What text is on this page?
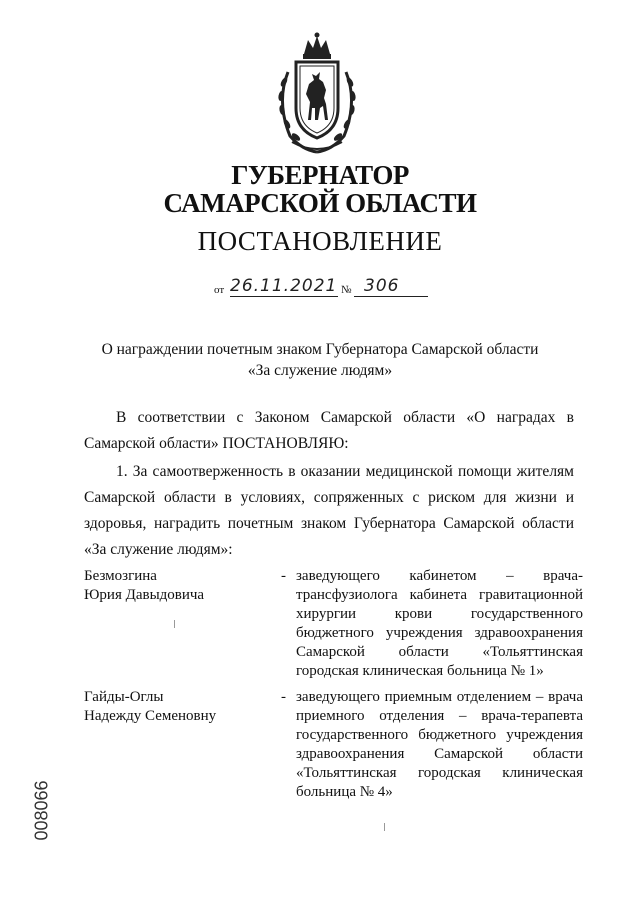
ГУБЕРНАТОР
САМАРСКОЙ ОБЛАСТИ
ПОСТАНОВЛЕНИЕ
от 26.11.2021 № 306
О награждении почетным знаком Губернатора Самарской области
«За служение людям»
В соответствии с Законом Самарской области «О наградах в Самарской области» ПОСТАНОВЛЯЮ:
1. За самоотверженность в оказании медицинской помощи жителям Самарской области в условиях, сопряженных с риском для жизни и здоровья, наградить почетным знаком Губернатора Самарской области «За служение людям»:
Безмозгина
Юрия Давыдовича
- заведующего кабинетом – врача-трансфузиолога кабинета гравитационной хирургии крови государственного бюджетного учреждения здравоохранения Самарской области «Тольяттинская городская клиническая больница № 1»
Гайды-Оглы
Надежду Семеновну
- заведующего приемным отделением – врача приемного отделения – врача-терапевта государственного бюджетного учреждения здравоохранения Самарской области «Тольяттинская городская клиническая больница № 4»
008066
